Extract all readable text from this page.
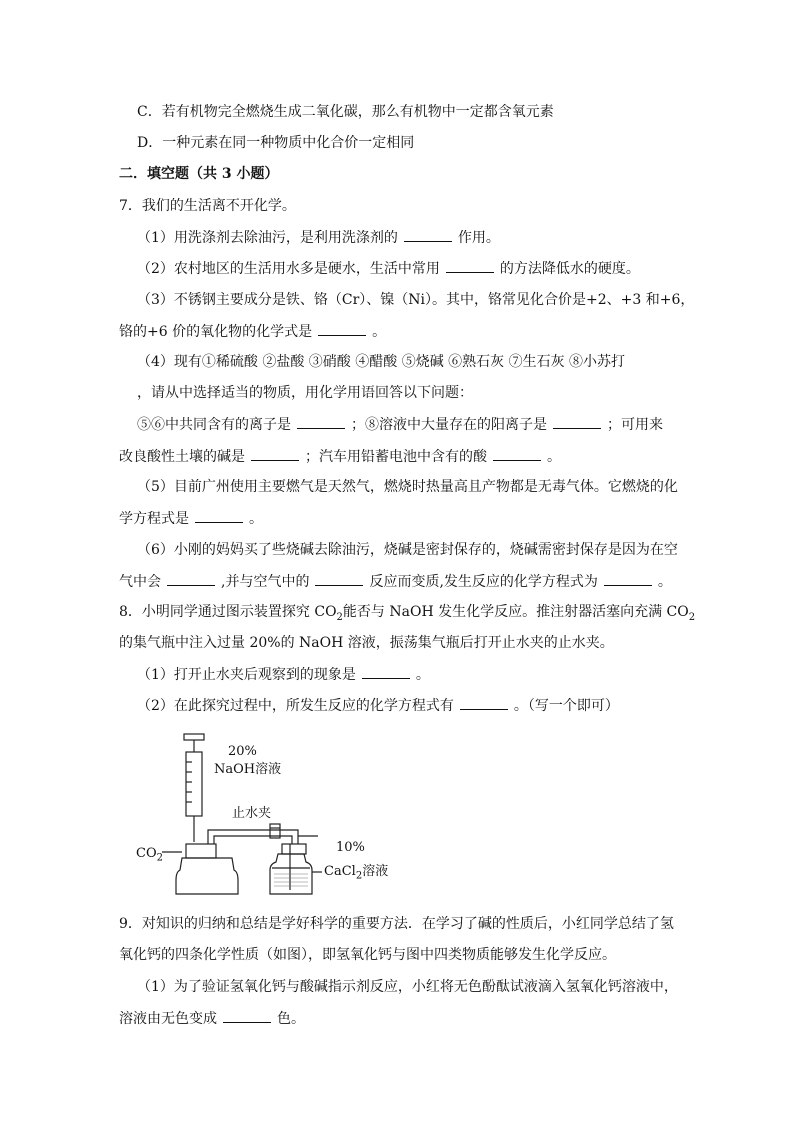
C．若有机物完全燃烧生成二氧化碳，那么有机物中一定都含氧元素
D．一种元素在同一种物质中化合价一定相同
二．填空题（共 3 小题）
7．我们的生活离不开化学。
（1）用洗涤剂去除油污，是利用洗涤剂的	作用。
（2）农村地区的生活用水多是硬水，生活中常用	的方法降低水的硬度。
（3）不锈钢主要成分是铁、铬（Cr）、镍（Ni）。其中，铬常见化合价是+2、+3 和+6，
铬的+6 价的氧化物的化学式是	。
（4）现有①稀硫酸 ②盐酸 ③硝酸 ④醋酸 ⑤烧碱 ⑥熟石灰 ⑦生石灰 ⑧小苏打
，请从中选择适当的物质，用化学用语回答以下问题：
⑤⑥中共同含有的离子是	；⑧溶液中大量存在的阳离子是	；可用来
改良酸性土壤的碱是	；汽车用铅蓄电池中含有的酸	。
（5）目前广州使用主要燃气是天然气，燃烧时热量高且产物都是无毒气体。它燃烧的化
学方程式是	。
（6）小刚的妈妈买了些烧碱去除油污，烧碱是密封保存的，烧碱需密封保存是因为在空
气中会	,并与空气中的	反应而变质,发生反应的化学方程式为	。
8．小明同学通过图示装置探究 $CO_2$能否与 NaOH 发生化学反应。推注射器活塞向充满 $CO_2$
的集气瓶中注入过量 20%的 NaOH 溶液，振荡集气瓶后打开止水夹的止水夹。
（1）打开止水夹后观察到的现象是	。
（2）在此探究过程中，所发生反应的化学方程式有	。（写一个即可）
20%
NaOH溶液
止水夹
$CO_2$
10%
CaCl$_2$溶液
9．对知识的归纳和总结是学好科学的重要方法．在学习了碱的性质后，小红同学总结了氢
氧化钙的四条化学性质（如图），即氢氧化钙与图中四类物质能够发生化学反应。
（1）为了验证氢氧化钙与酸碱指示剂反应，小红将无色酚酞试液滴入氢氧化钙溶液中，
溶液由无色变成	色。
